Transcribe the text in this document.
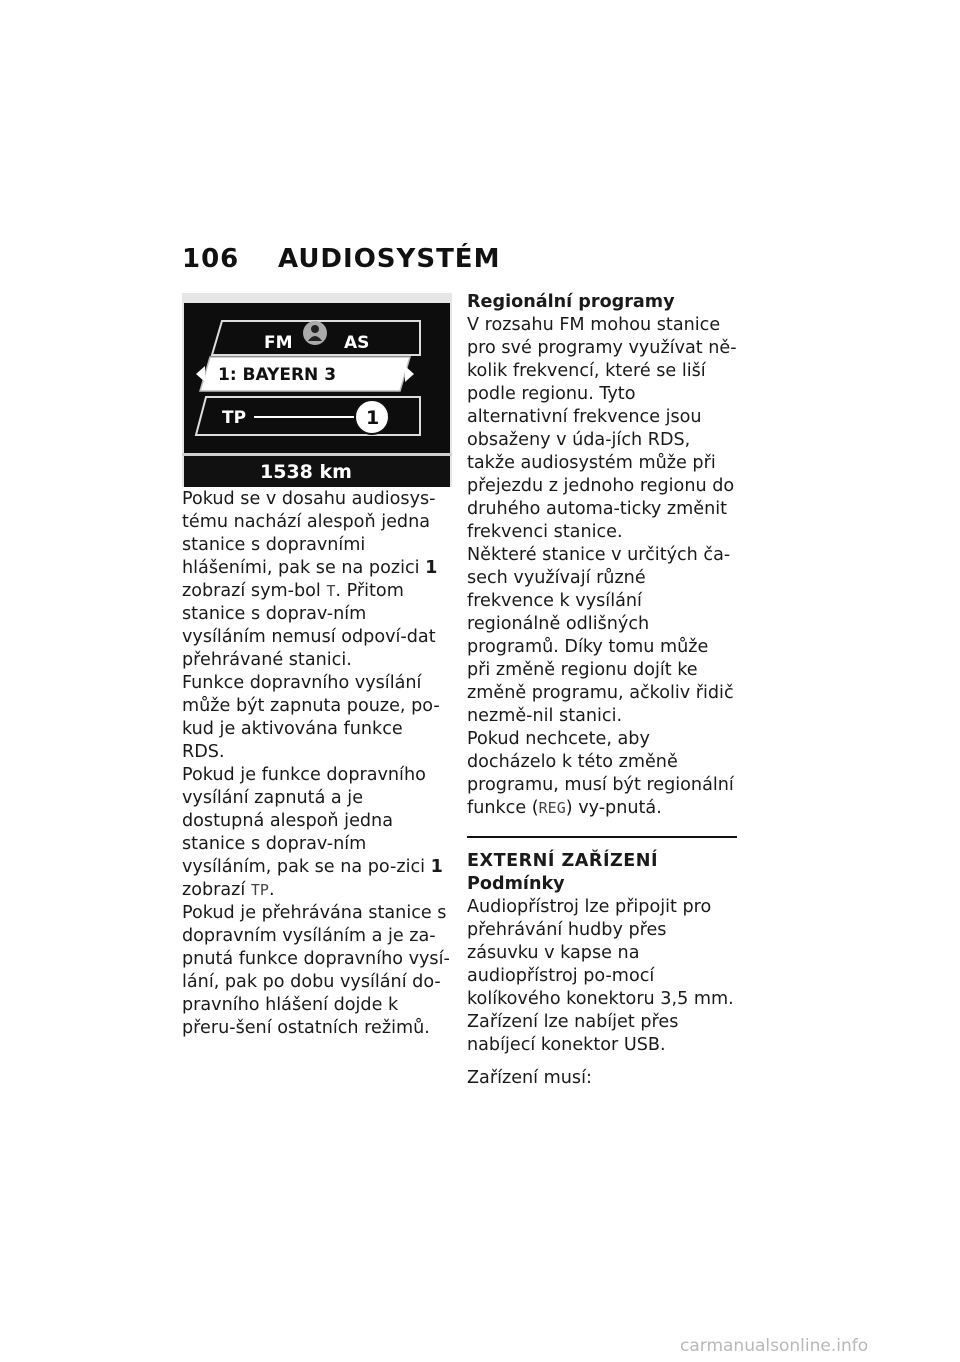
106 AUDIOSYSTÉM
FM	AS
1: BAYERN 3
TP	1
1538 km

Pokud se v dosahu audiosys-tému nachází alespoň jedna stanice s dopravními hlášeními, pak se na pozici 1 zobrazí sym-bol T. Přitom stanice s doprav-ním vysíláním nemusí odpoví-dat přehrávané stanici.

Funkce dopravního vysílání může být zapnuta pouze, po-kud je aktivována funkce RDS.

Pokud je funkce dopravního vysílání zapnutá a je dostupná alespoň jedna stanice s doprav-ním vysíláním, pak se na po-zici 1 zobrazí TP.

Pokud je přehrávána stanice s dopravním vysíláním a je za-pnutá funkce dopravního vysí-lání, pak po dobu vysílání do-pravního hlášení dojde k přeru-šení ostatních režimů.

Regionální programy

V rozsahu FM mohou stanice pro své programy využívat ně-kolik frekvencí, které se liší podle regionu. Tyto alternativní frekvence jsou obsaženy v úda-jích RDS, takže audiosystém může při přejezdu z jednoho regionu do druhého automa-ticky změnit frekvenci stanice.

Některé stanice v určitých ča-sech využívají různé frekvence k vysílání regionálně odlišných programů. Díky tomu může při změně regionu dojít ke změně programu, ačkoliv řidič nezmě-nil stanici.

Pokud nechcete, aby docházelo k této změně programu, musí být regionální funkce (REG) vy-pnutá.

EXTERNÍ ZAŘÍZENÍ

Podmínky

Audiopřístroj lze připojit pro přehrávání hudby přes zásuvku v kapse na audiopřístroj po-mocí kolíkového konektoru 3,5 mm. Zařízení lze nabíjet přes nabíjecí konektor USB.

Zařízení musí:

carmanualsonline.info
